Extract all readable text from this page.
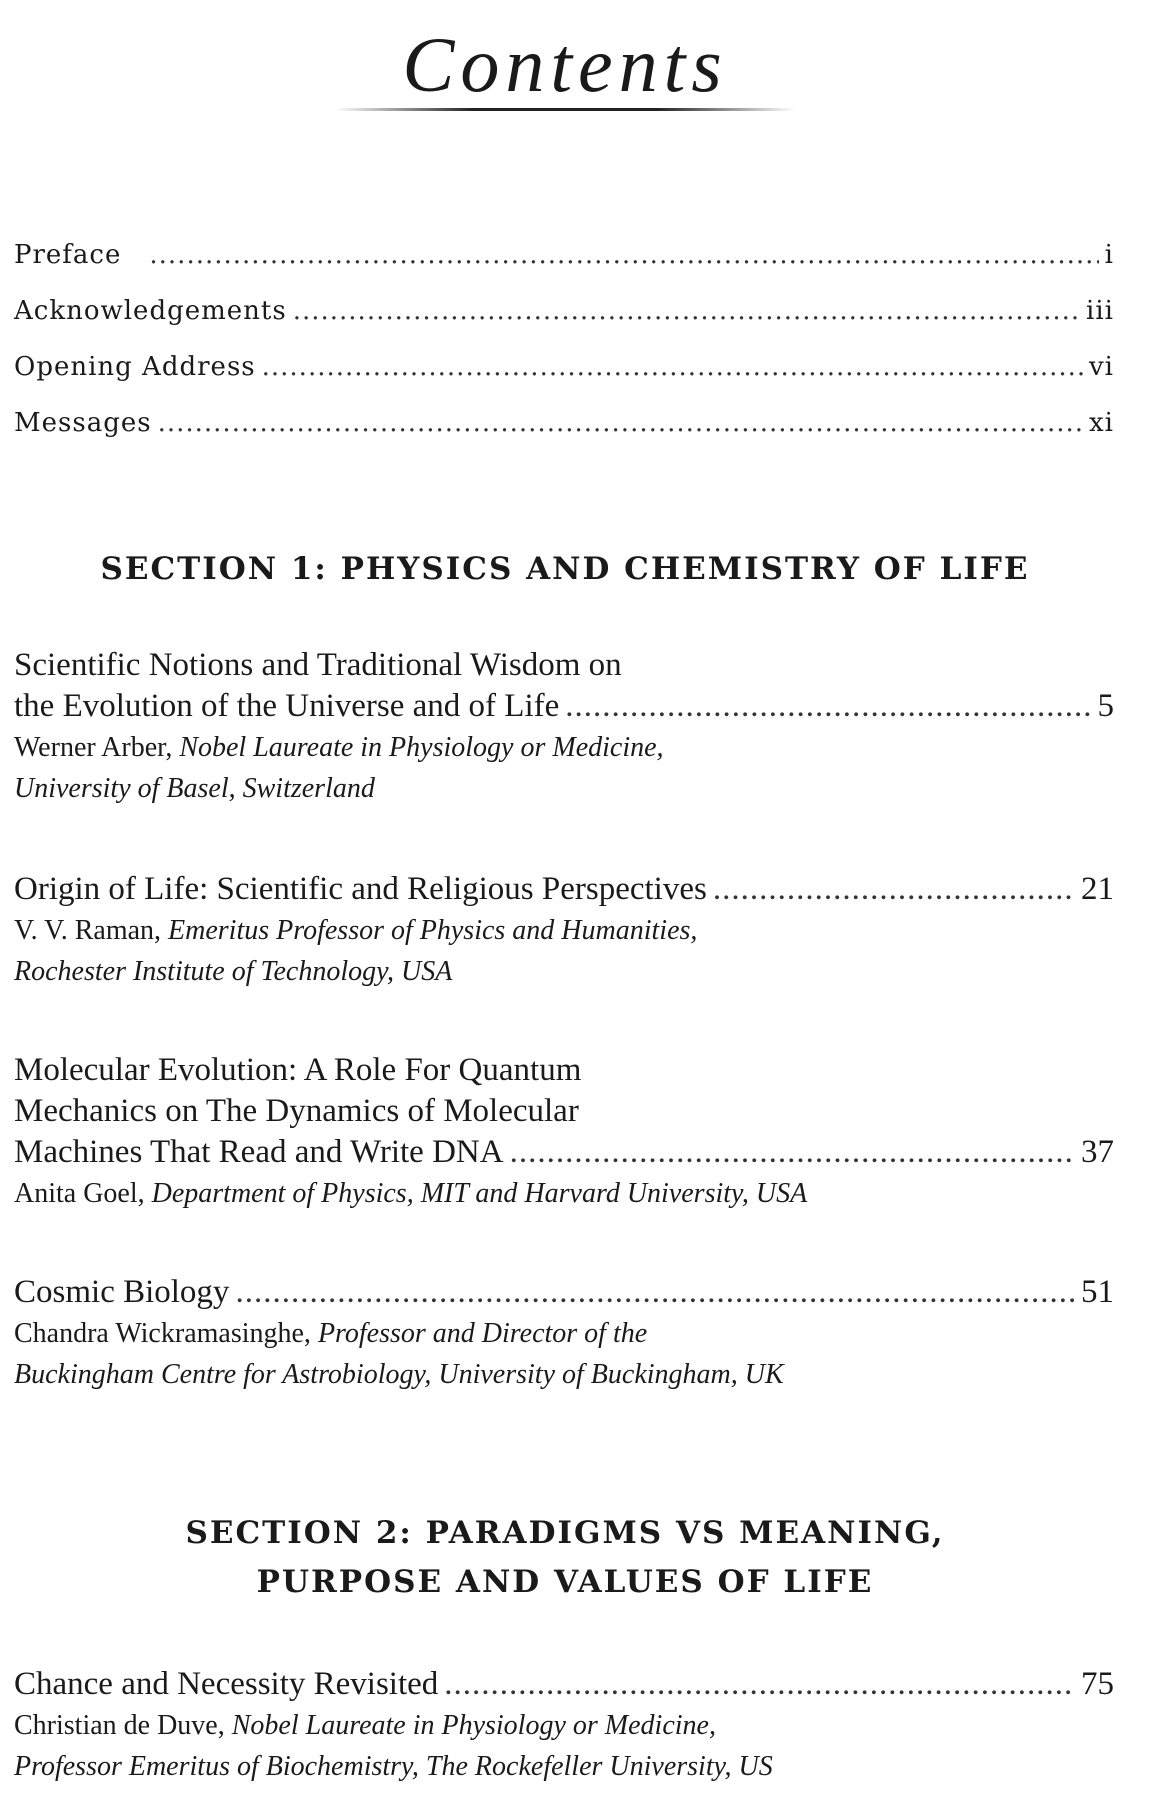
Contents
Preface .....	i
Acknowledgements .....	iii
Opening Address .....	vi
Messages .....	xi
SECTION 1: PHYSICS AND CHEMISTRY OF LIFE
Scientific Notions and Traditional Wisdom on
the Evolution of the Universe and of Life .....	5
Werner Arber, Nobel Laureate in Physiology or Medicine,
University of Basel, Switzerland
Origin of Life: Scientific and Religious Perspectives .....	21
V. V. Raman, Emeritus Professor of Physics and Humanities,
Rochester Institute of Technology, USA
Molecular Evolution: A Role For Quantum
Mechanics on The Dynamics of Molecular
Machines That Read and Write DNA .....	37
Anita Goel, Department of Physics, MIT and Harvard University, USA
Cosmic Biology .....	51
Chandra Wickramasinghe, Professor and Director of the
Buckingham Centre for Astrobiology, University of Buckingham, UK
SECTION 2: PARADIGMS VS MEANING,
PURPOSE AND VALUES OF LIFE
Chance and Necessity Revisited .....	75
Christian de Duve, Nobel Laureate in Physiology or Medicine,
Professor Emeritus of Biochemistry, The Rockefeller University, US
